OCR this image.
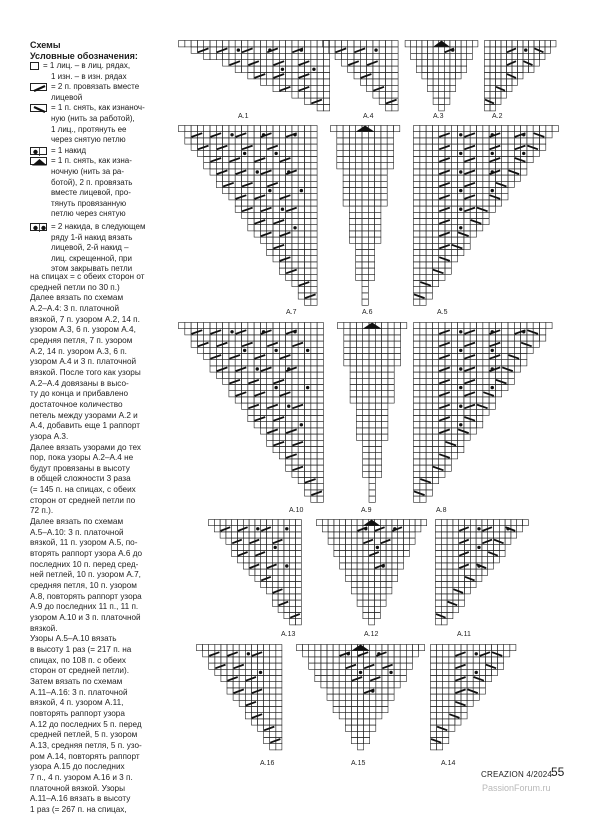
Схемы
Условные обозначения:
= 1 лиц. – в лиц. рядах,
1 изн. – в изн. рядах
= 2 п. провязать вместе
лицевой
= 1 п. снять, как изнаноч-
ную (нить за работой),
1 лиц., протянуть ее
через снятую петлю
= 1 накид
= 1 п. снять, как изна-
ночную (нить за ра-
ботой), 2 п. провязать
вместе лицевой, про-
тянуть провязанную
петлю через снятую
= 2 накида, в следующем
ряду 1-й накид вязать
лицевой, 2-й накид –
лиц. скрещенной, при
этом закрывать петли
на спицах = с обеих сторон от
средней петли по 30 п.)
Далее вязать по схемам
А.2–А.4: 3 п. платочной
вязкой, 7 п. узором А.2, 14 п.
узором А.3, 6 п. узором А.4,
средняя петля, 7 п. узором
А.2, 14 п. узором А.3, 6 п.
узором А.4 и 3 п. платочной
вязкой. После того как узоры
А.2–А.4 довязаны в высо-
ту до конца и прибавлено
достаточное количество
петель между узорами А.2 и
А.4, добавить еще 1 раппорт
узора А.3.
Далее вязать узорами до тех
пор, пока узоры А.2–А.4 не
будут провязаны в высоту
в общей сложности 3 раза
(= 145 п. на спицах, с обеих
сторон от средней петли по
72 п.).
Далее вязать по схемам
А.5–А.10: 3 п. платочной
вязкой, 11 п. узором А.5, по-
вторять раппорт узора А.6 до
последних 10 п. перед сред-
ней петлей, 10 п. узором А.7,
средняя петля, 10 п. узором
А.8, повторять раппорт узора
А.9 до последних 11 п., 11 п.
узором А.10 и 3 п. платочной
вязкой.
Узоры А.5–А.10 вязать
в высоту 1 раз (= 217 п. на
спицах, по 108 п. с обеих
сторон от средней петли).
Затем вязать по схемам
А.11–А.16: 3 п. платочной
вязкой, 4 п. узором А.11,
повторять раппорт узора
А.12 до последних 5 п. перед
средней петлей, 5 п. узором
А.13, средняя петля, 5 п. узо-
ром А.14, повторять раппорт
узора А.15 до последних
7 п., 4 п. узором А.16 и 3 п.
платочной вязкой. Узоры
А.11–А.16 вязать в высоту
1 раз (= 267 п. на спицах,
A.1	A.4	A.3	A.2
A.7	A.6	A.5
A.10	A.9	A.8
A.13	A.12	A.11
A.16	A.15	A.14
CREAZION 4/2024
55
PassionForum.ru
